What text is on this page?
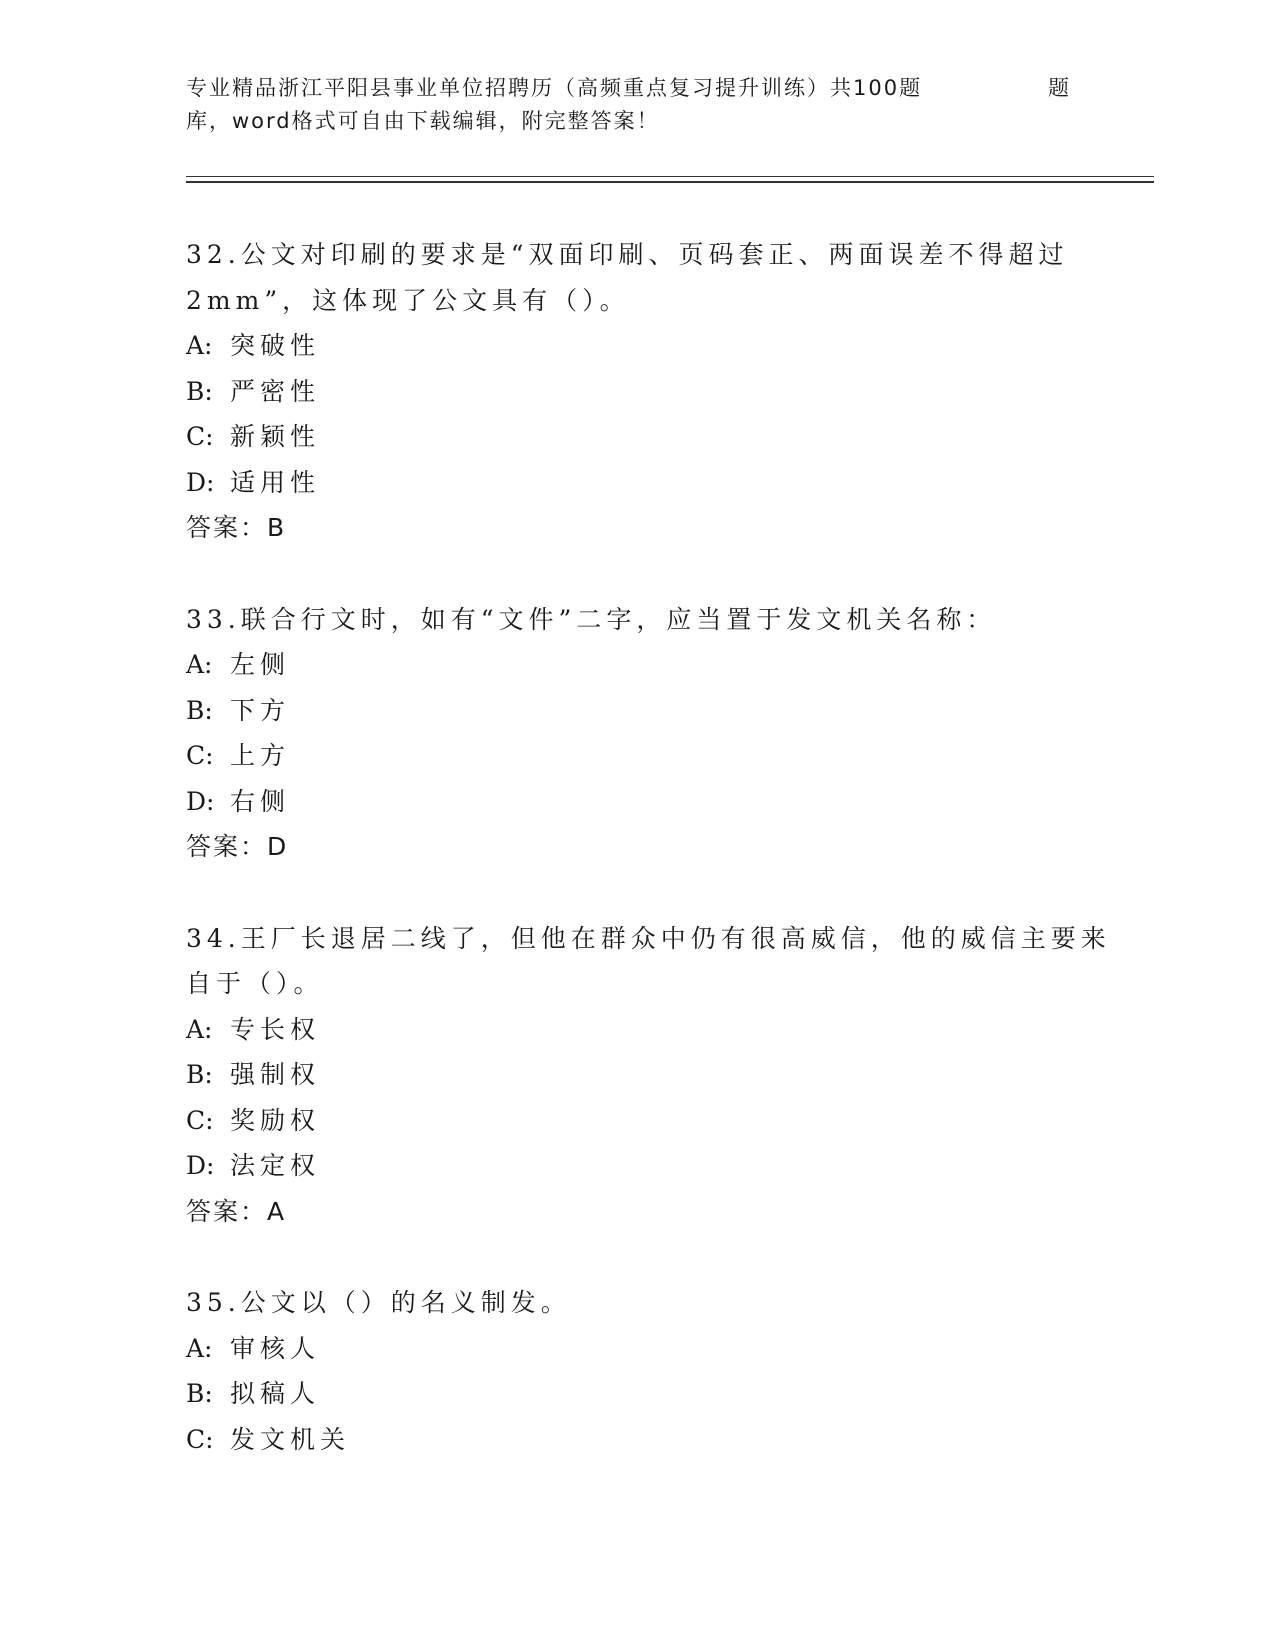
专业精品浙江平阳县事业单位招聘历（高频重点复习提升训练）共100题	题
库，word格式可自由下载编辑，附完整答案！
32.公文对印刷的要求是“双面印刷、页码套正、两面误差不得超过
2mm”，这体现了公文具有（）。
A: 突破性
B: 严密性
C: 新颖性
D: 适用性
答案：B
33.联合行文时，如有“文件”二字，应当置于发文机关名称：
A: 左侧
B: 下方
C: 上方
D: 右侧
答案：D
34.王厂长退居二线了，但他在群众中仍有很高威信，他的威信主要来
自于（）。
A: 专长权
B: 强制权
C: 奖励权
D: 法定权
答案：A
35.公文以（）的名义制发。
A: 审核人
B: 拟稿人
C: 发文机关
